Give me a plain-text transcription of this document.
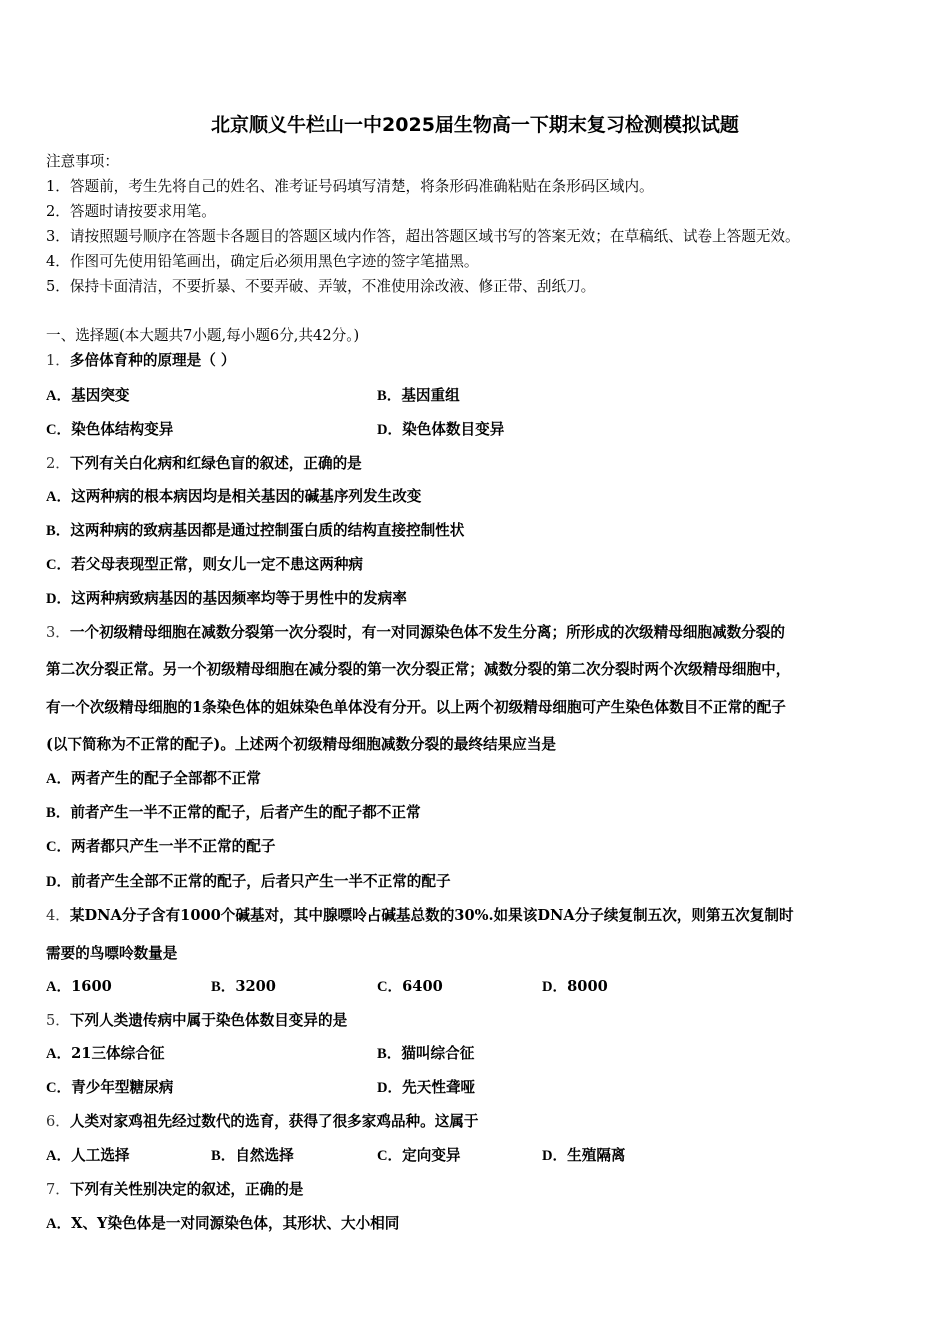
北京顺义牛栏山一中2025届生物高一下期末复习检测模拟试题
注意事项：
1．答题前，考生先将自己的姓名、准考证号码填写清楚，将条形码准确粘贴在条形码区域内。
2．答题时请按要求用笔。
3．请按照题号顺序在答题卡各题目的答题区域内作答，超出答题区域书写的答案无效；在草稿纸、试卷上答题无效。
4．作图可先使用铅笔画出，确定后必须用黑色字迹的签字笔描黑。
5．保持卡面清洁，不要折暴、不要弄破、弄皱，不准使用涂改液、修正带、刮纸刀。
一、选择题(本大题共7小题,每小题6分,共42分。)
1．多倍体育种的原理是（ ）
A．基因突变	B．基因重组
C．染色体结构变异	D．染色体数目变异
2．下列有关白化病和红绿色盲的叙述，正确的是
A．这两种病的根本病因均是相关基因的碱基序列发生改变
B．这两种病的致病基因都是通过控制蛋白质的结构直接控制性状
C．若父母表现型正常，则女儿一定不患这两种病
D．这两种病致病基因的基因频率均等于男性中的发病率
3．一个初级精母细胞在减数分裂第一次分裂时，有一对同源染色体不发生分离；所形成的次级精母细胞减数分裂的
第二次分裂正常。另一个初级精母细胞在减分裂的第一次分裂正常；减数分裂的第二次分裂时两个次级精母细胞中，
有一个次级精母细胞的1条染色体的姐妹染色单体没有分开。以上两个初级精母细胞可产生染色体数目不正常的配子
(以下简称为不正常的配子)。上述两个初级精母细胞减数分裂的最终结果应当是
A．两者产生的配子全部都不正常
B．前者产生一半不正常的配子，后者产生的配子都不正常
C．两者都只产生一半不正常的配子
D．前者产生全部不正常的配子，后者只产生一半不正常的配子
4．某DNA分子含有1000个碱基对，其中腺嘌呤占碱基总数的30%.如果该DNA分子续复制五次，则第五次复制时
需要的鸟嘌呤数量是
A．1600	B．3200	C．6400	D．8000
5．下列人类遗传病中属于染色体数目变异的是
A．21三体综合征	B．猫叫综合征
C．青少年型糖尿病	D．先天性聋哑
6．人类对家鸡祖先经过数代的选育，获得了很多家鸡品种。这属于
A．人工选择	B．自然选择	C．定向变异	D．生殖隔离
7．下列有关性别决定的叙述，正确的是
A．X、Y染色体是一对同源染色体，其形状、大小相同
